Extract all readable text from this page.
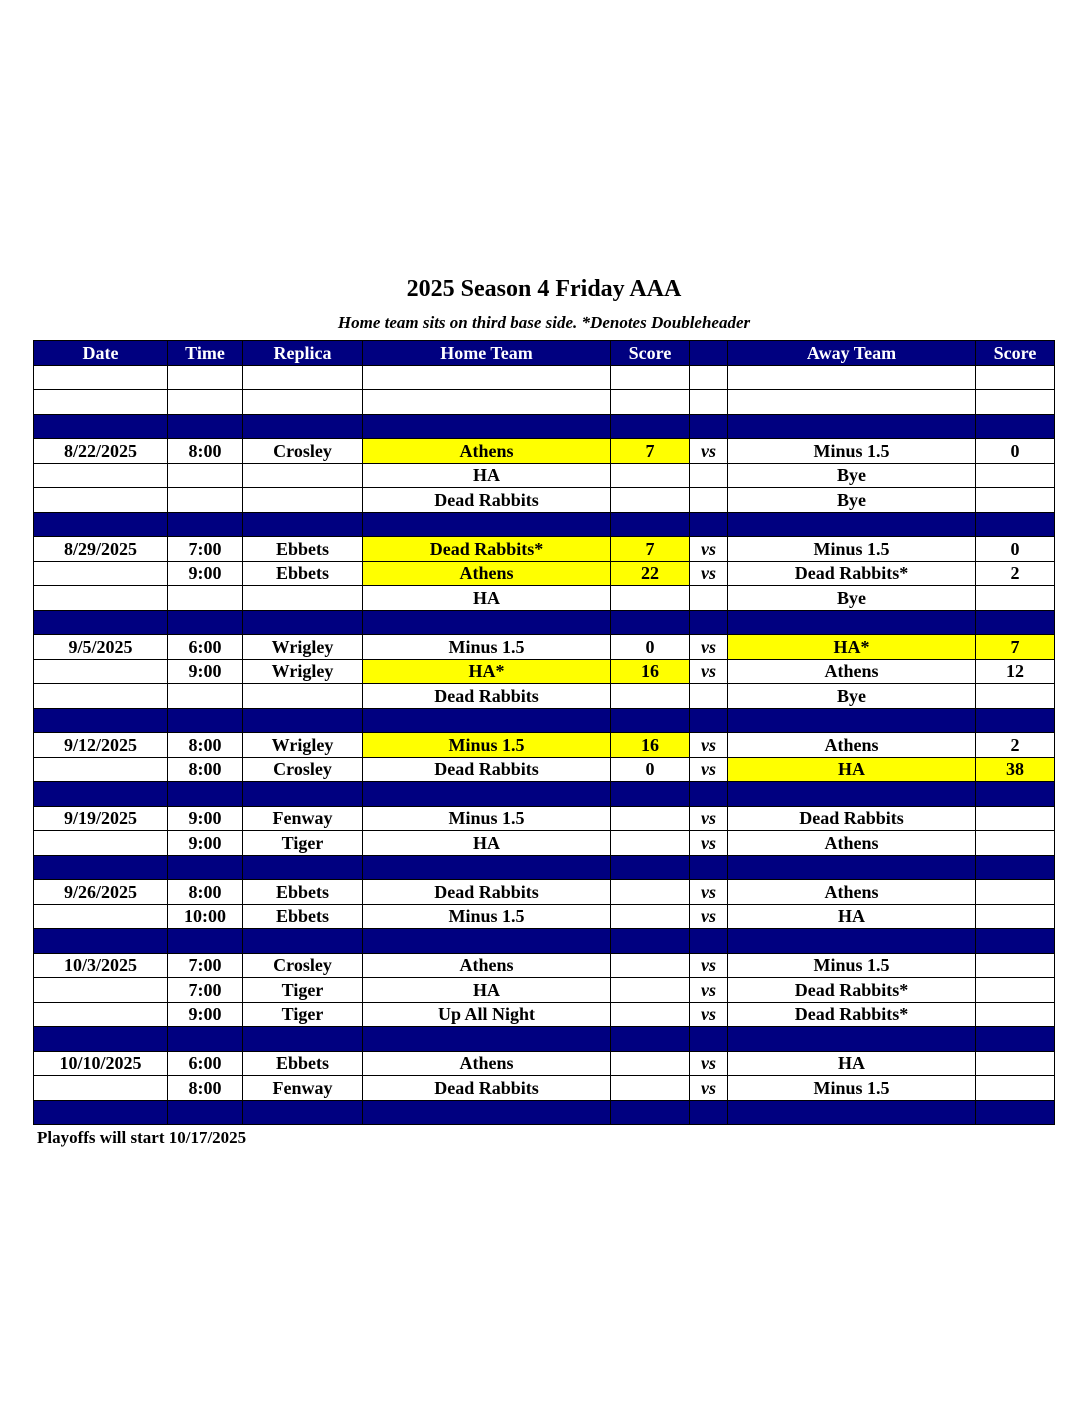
2025 Season 4 Friday AAA
Home team sits on third base side. *Denotes Doubleheader
Date	Time	Replica	Home Team	Score		Away Team	Score

8/22/2025	8:00	Crosley	Athens	7	vs	Minus 1.5	0
			HA			Bye	
			Dead Rabbits			Bye	

8/29/2025	7:00	Ebbets	Dead Rabbits*	7	vs	Minus 1.5	0
	9:00	Ebbets	Athens	22	vs	Dead Rabbits*	2
			HA			Bye	

9/5/2025	6:00	Wrigley	Minus 1.5	0	vs	HA*	7
	9:00	Wrigley	HA*	16	vs	Athens	12
			Dead Rabbits			Bye	

9/12/2025	8:00	Wrigley	Minus 1.5	16	vs	Athens	2
	8:00	Crosley	Dead Rabbits	0	vs	HA	38

9/19/2025	9:00	Fenway	Minus 1.5		vs	Dead Rabbits	
	9:00	Tiger	HA		vs	Athens	

9/26/2025	8:00	Ebbets	Dead Rabbits		vs	Athens	
	10:00	Ebbets	Minus 1.5		vs	HA	

10/3/2025	7:00	Crosley	Athens		vs	Minus 1.5	
	7:00	Tiger	HA		vs	Dead Rabbits*	
	9:00	Tiger	Up All Night		vs	Dead Rabbits*	

10/10/2025	6:00	Ebbets	Athens		vs	HA	
	8:00	Fenway	Dead Rabbits		vs	Minus 1.5	

Playoffs will start 10/17/2025
